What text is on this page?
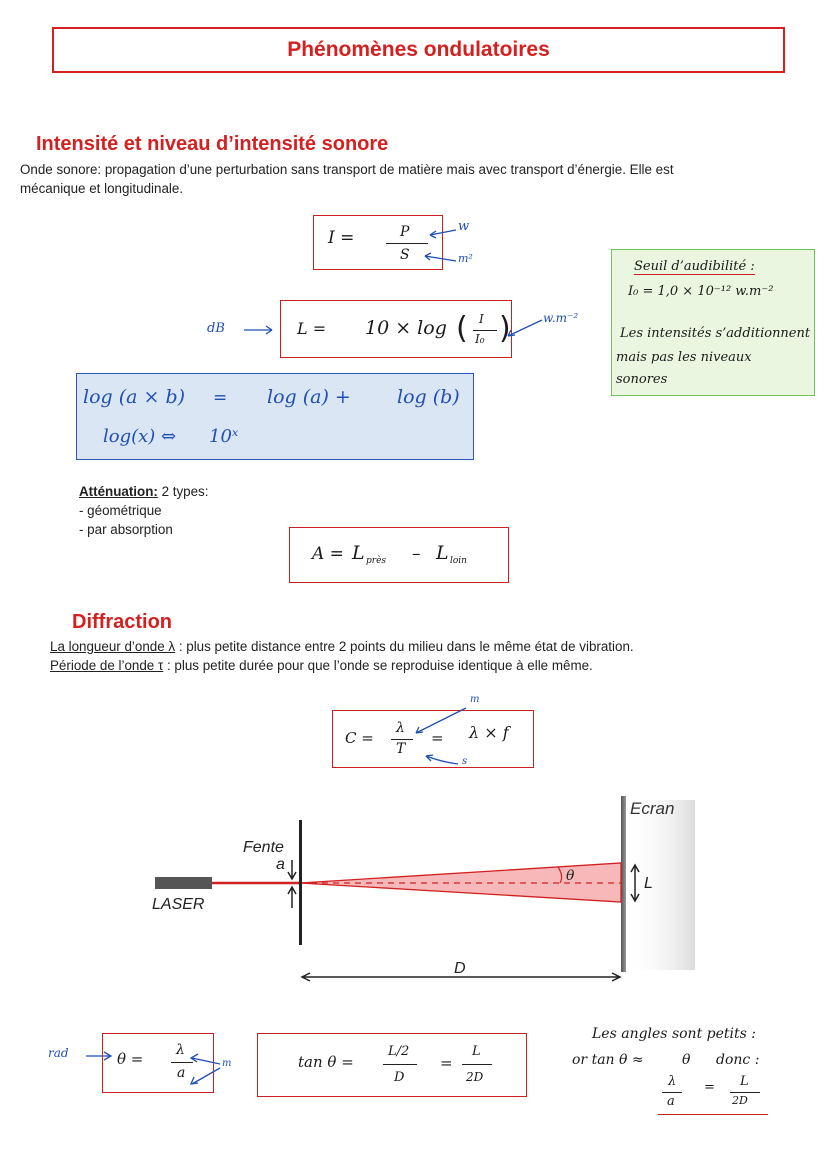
Phénomènes ondulatoires
Intensité et niveau d’intensité sonore
Onde sonore: propagation d’une perturbation sans transport de matière mais avec transport d’énergie. Elle est
mécanique et longitudinale.
I =	P
S
w
m²
Seuil d’audibilité :
I₀ = 1,0 × 10⁻¹² w.m⁻²
Les intensités s’additionnent
mais pas les niveaux
sonores
dB	L = 10 × log ( I
I₀ )	w.m⁻²
log (a × b) = log (a) + log (b)
log(x) ⇔ 10ˣ
Atténuation: 2 types:
- géométrique
- par absorption
A = L près – L loin
Diffraction
La longueur d’onde λ : plus petite distance entre 2 points du milieu dans le même état de vibration.
Période de l’onde τ : plus petite durée pour que l’onde se reproduise identique à elle même.
C =
λ
T
= λ × f
m
s
Ecran
LASER
θ
Fente
a
L
D
rad	θ = λ
a
m	tan θ =
L/2
D
=
L
2D
Les angles sont petits :
or tan θ ≈	θ donc :
λ
a
= L
2D
